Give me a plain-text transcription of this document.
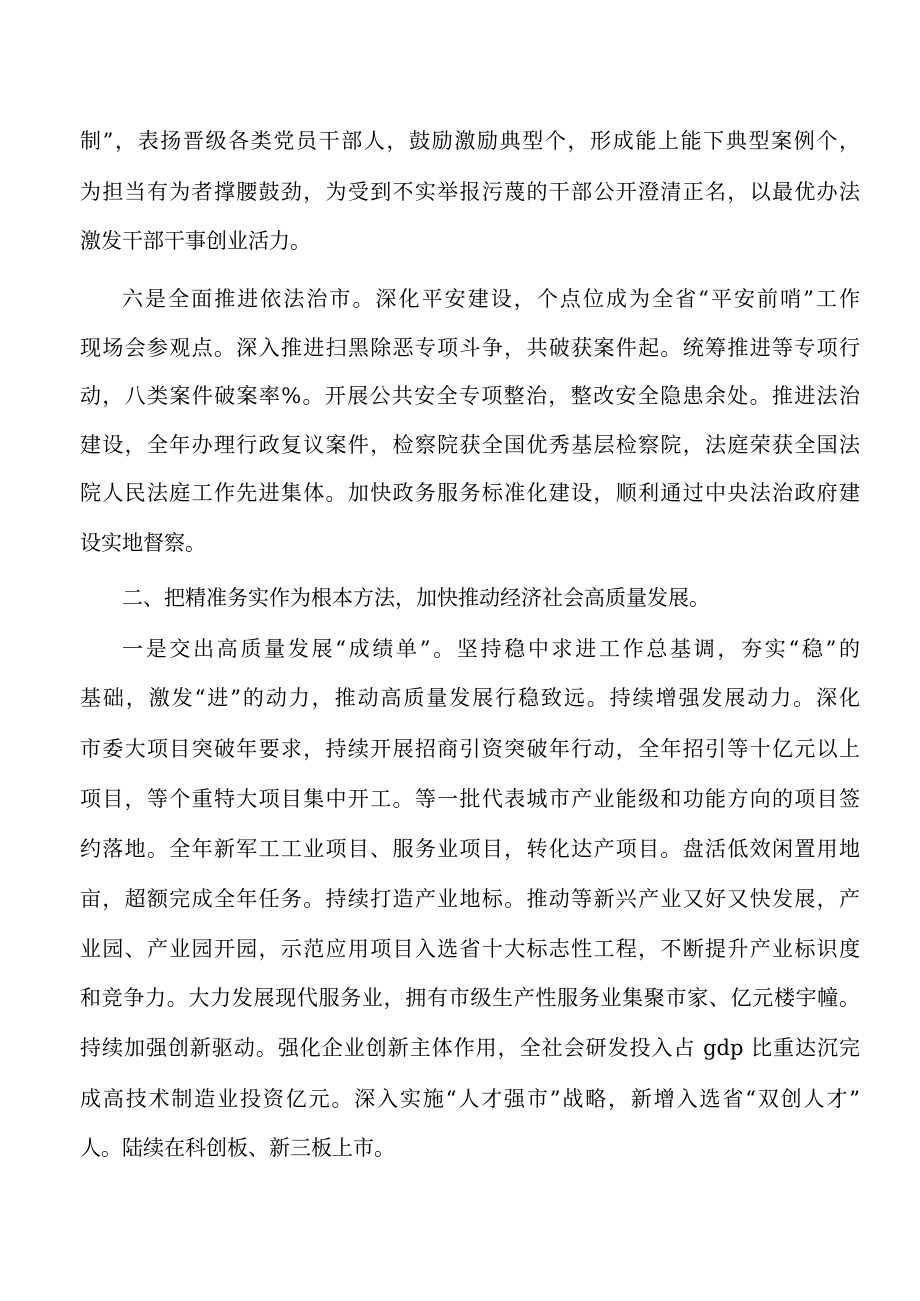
制”，表扬晋级各类党员干部人，鼓励激励典型个，形成能上能下典型案例个，
为担当有为者撑腰鼓劲，为受到不实举报污蔑的干部公开澄清正名，以最优办法
激发干部干事创业活力。
六是全面推进依法治市。深化平安建设，个点位成为全省“平安前哨”工作
现场会参观点。深入推进扫黑除恶专项斗争，共破获案件起。统筹推进等专项行
动，八类案件破案率%。开展公共安全专项整治，整改安全隐患余处。推进法治
建设，全年办理行政复议案件，检察院获全国优秀基层检察院，法庭荣获全国法
院人民法庭工作先进集体。加快政务服务标准化建设，顺利通过中央法治政府建
设实地督察。
二、把精准务实作为根本方法，加快推动经济社会高质量发展。
一是交出高质量发展“成绩单”。坚持稳中求进工作总基调，夯实“稳”的
基础，激发“进”的动力，推动高质量发展行稳致远。持续增强发展动力。深化
市委大项目突破年要求，持续开展招商引资突破年行动，全年招引等十亿元以上
项目，等个重特大项目集中开工。等一批代表城市产业能级和功能方向的项目签
约落地。全年新军工工业项目、服务业项目，转化达产项目。盘活低效闲置用地
亩，超额完成全年任务。持续打造产业地标。推动等新兴产业又好又快发展，产
业园、产业园开园，示范应用项目入选省十大标志性工程，不断提升产业标识度
和竞争力。大力发展现代服务业，拥有市级生产性服务业集聚市家、亿元楼宇幢。
持续加强创新驱动。强化企业创新主体作用，全社会研发投入占 gdp 比重达沉完
成高技术制造业投资亿元。深入实施“人才强市”战略，新增入选省“双创人才”
人。陆续在科创板、新三板上市。
